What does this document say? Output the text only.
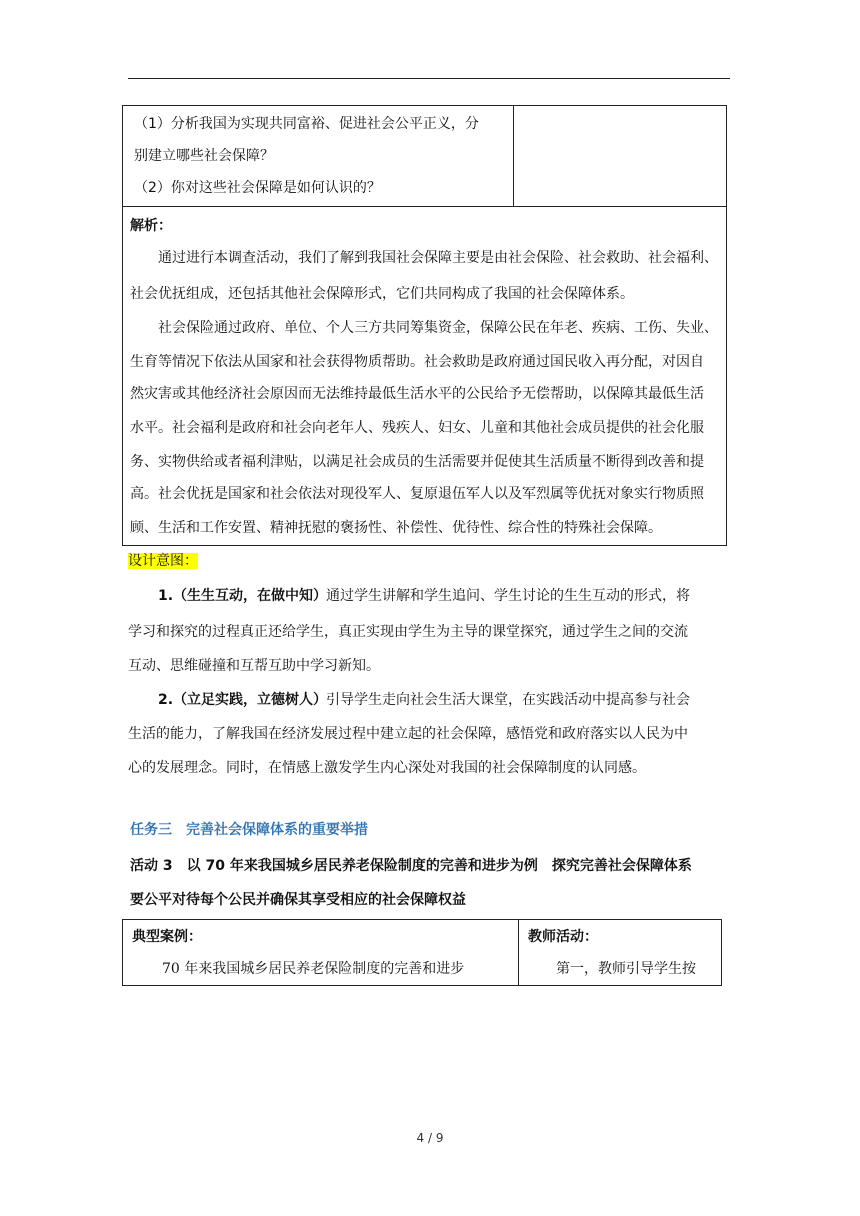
（1）分析我国为实现共同富裕、促进社会公平正义，分
别建立哪些社会保障？
（2）你对这些社会保障是如何认识的？
解析：
通过进行本调查活动，我们了解到我国社会保障主要是由社会保险、社会救助、社会福利、
社会优抚组成，还包括其他社会保障形式，它们共同构成了我国的社会保障体系。
社会保险通过政府、单位、个人三方共同筹集资金，保障公民在年老、疾病、工伤、失业、
生育等情况下依法从国家和社会获得物质帮助。社会救助是政府通过国民收入再分配，对因自
然灾害或其他经济社会原因而无法维持最低生活水平的公民给予无偿帮助，以保障其最低生活
水平。社会福利是政府和社会向老年人、残疾人、妇女、儿童和其他社会成员提供的社会化服
务、实物供给或者福利津贴，以满足社会成员的生活需要并促使其生活质量不断得到改善和提
高。社会优抚是国家和社会依法对现役军人、复原退伍军人以及军烈属等优抚对象实行物质照
顾、生活和工作安置、精神抚慰的褒扬性、补偿性、优待性、综合性的特殊社会保障。
设计意图：
1.（生生互动，在做中知）
通过学生讲解和学生追问、学生讨论的生生互动的形式，将
学习和探究的过程真正还给学生，真正实现由学生为主导的课堂探究，通过学生之间的交流
互动、思维碰撞和互帮互助中学习新知。
2.（立足实践，立德树人）
引导学生走向社会生活大课堂，在实践活动中提高参与社会
生活的能力，了解我国在经济发展过程中建立起的社会保障，感悟党和政府落实以人民为中
心的发展理念。同时，在情感上激发学生内心深处对我国的社会保障制度的认同感。
任务三　完善社会保障体系的重要举措
活动 3　以 70 年来我国城乡居民养老保险制度的完善和进步为例　探究完善社会保障体系
要公平对待每个公民并确保其享受相应的社会保障权益
典型案例：
70 年来我国城乡居民养老保险制度的完善和进步
教师活动：
第一，教师引导学生按
4 / 9
